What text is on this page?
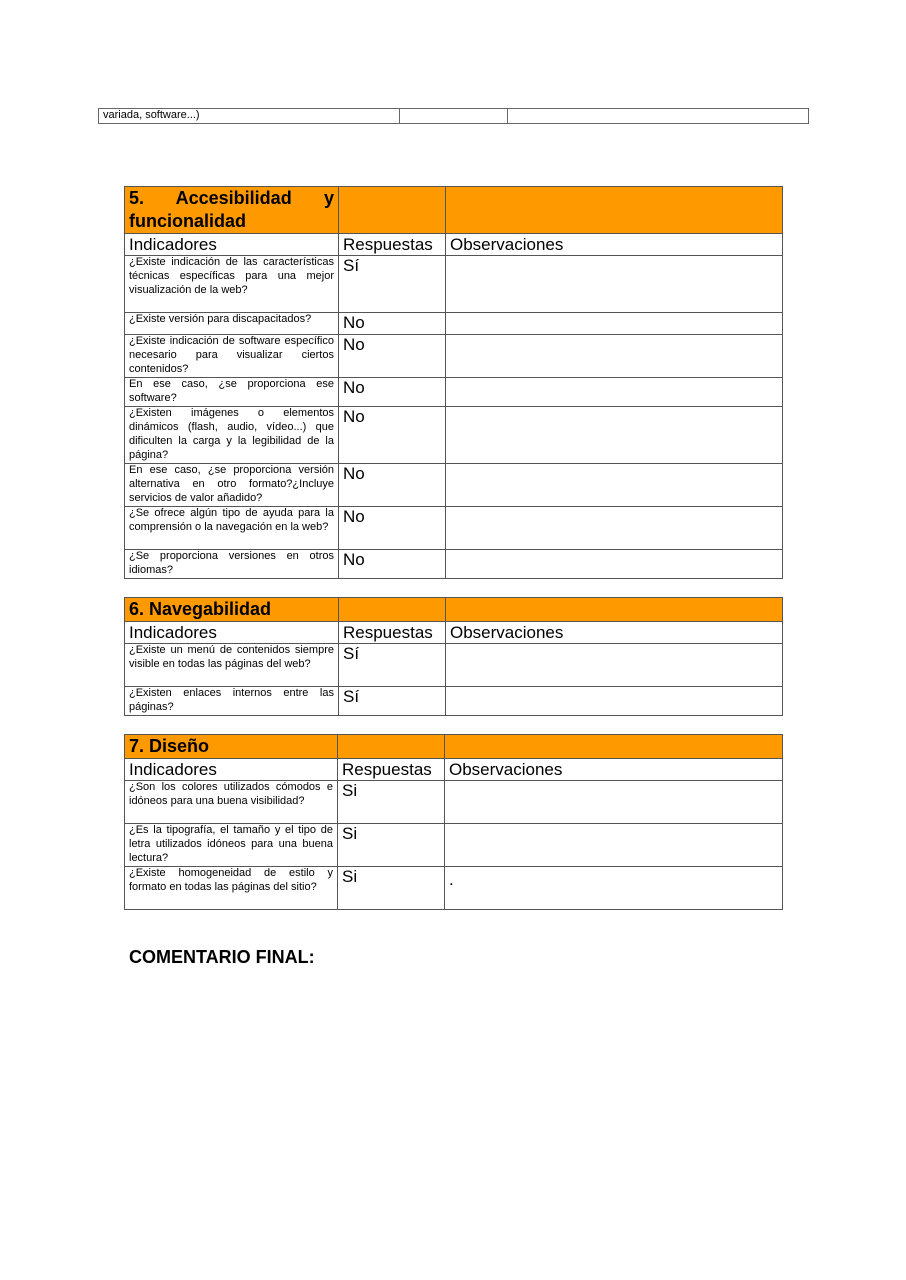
variada, software...)		
5. Accesibilidad y funcionalidad		
Indicadores	Respuestas	Observaciones
¿Existe indicación de las características técnicas específicas para una mejor visualización de la web?	Sí	
¿Existe versión para discapacitados?	No	
¿Existe indicación de software específico necesario para visualizar ciertos contenidos?	No	
En ese caso, ¿se proporciona ese software?	No	
¿Existen imágenes o elementos dinámicos (flash, audio, vídeo...) que dificulten la carga y la legibilidad de la página?	No	
En ese caso, ¿se proporciona versión alternativa en otro formato?¿Incluye servicios de valor añadido?	No	
¿Se ofrece algún tipo de ayuda para la comprensión o la navegación en la web?	No	
¿Se proporciona versiones en otros idiomas?	No	
6. Navegabilidad		
Indicadores	Respuestas	Observaciones
¿Existe un menú de contenidos siempre visible en todas las páginas del web?	Sí	
¿Existen enlaces internos entre las páginas?	Sí	
7. Diseño		
Indicadores	Respuestas	Observaciones
¿Son los colores utilizados cómodos e idóneos para una buena visibilidad?	Si	
¿Es la tipografía, el tamaño y el tipo de letra utilizados idóneos para una buena lectura?	Si	
¿Existe homogeneidad de estilo y formato en todas las páginas del sitio?	Si	.
COMENTARIO FINAL:
